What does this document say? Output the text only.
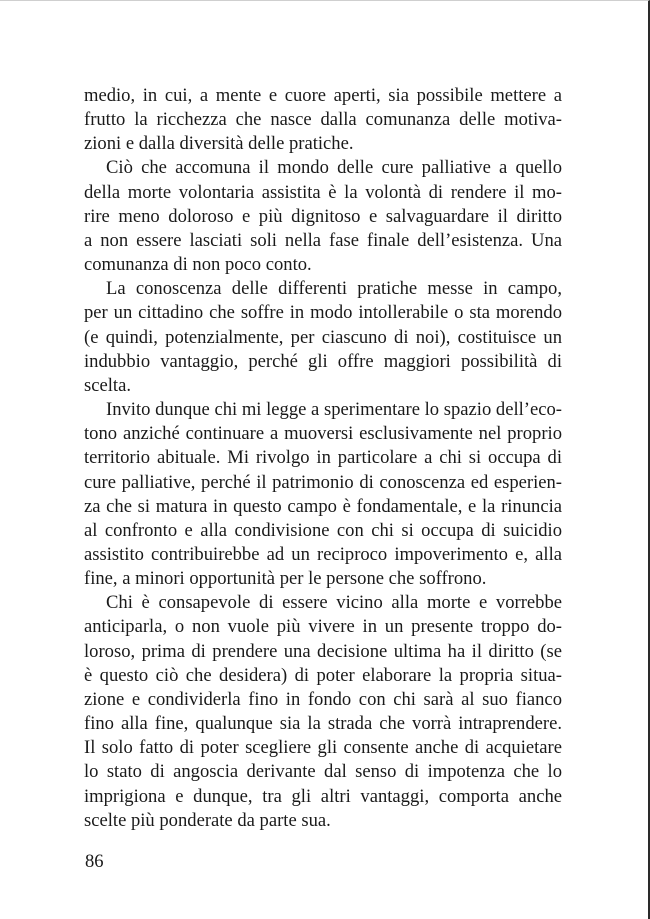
medio, in cui, a mente e cuore aperti, sia possibile mettere a
frutto la ricchezza che nasce dalla comunanza delle motiva-
zioni e dalla diversità delle pratiche.
Ciò che accomuna il mondo delle cure palliative a quello
della morte volontaria assistita è la volontà di rendere il mo-
rire meno doloroso e più dignitoso e salvaguardare il diritto
a non essere lasciati soli nella fase finale dell’esistenza. Una
comunanza di non poco conto.
La conoscenza delle differenti pratiche messe in campo,
per un cittadino che soffre in modo intollerabile o sta morendo
(e quindi, potenzialmente, per ciascuno di noi), costituisce un
indubbio vantaggio, perché gli offre maggiori possibilità di
scelta.
Invito dunque chi mi legge a sperimentare lo spazio dell’eco-
tono anziché continuare a muoversi esclusivamente nel proprio
territorio abituale. Mi rivolgo in particolare a chi si occupa di
cure palliative, perché il patrimonio di conoscenza ed esperien-
za che si matura in questo campo è fondamentale, e la rinuncia
al confronto e alla condivisione con chi si occupa di suicidio
assistito contribuirebbe ad un reciproco impoverimento e, alla
fine, a minori opportunità per le persone che soffrono.
Chi è consapevole di essere vicino alla morte e vorrebbe
anticiparla, o non vuole più vivere in un presente troppo do-
loroso, prima di prendere una decisione ultima ha il diritto (se
è questo ciò che desidera) di poter elaborare la propria situa-
zione e condividerla fino in fondo con chi sarà al suo fianco
fino alla fine, qualunque sia la strada che vorrà intraprendere.
Il solo fatto di poter scegliere gli consente anche di acquietare
lo stato di angoscia derivante dal senso di impotenza che lo
imprigiona e dunque, tra gli altri vantaggi, comporta anche
scelte più ponderate da parte sua.
86
